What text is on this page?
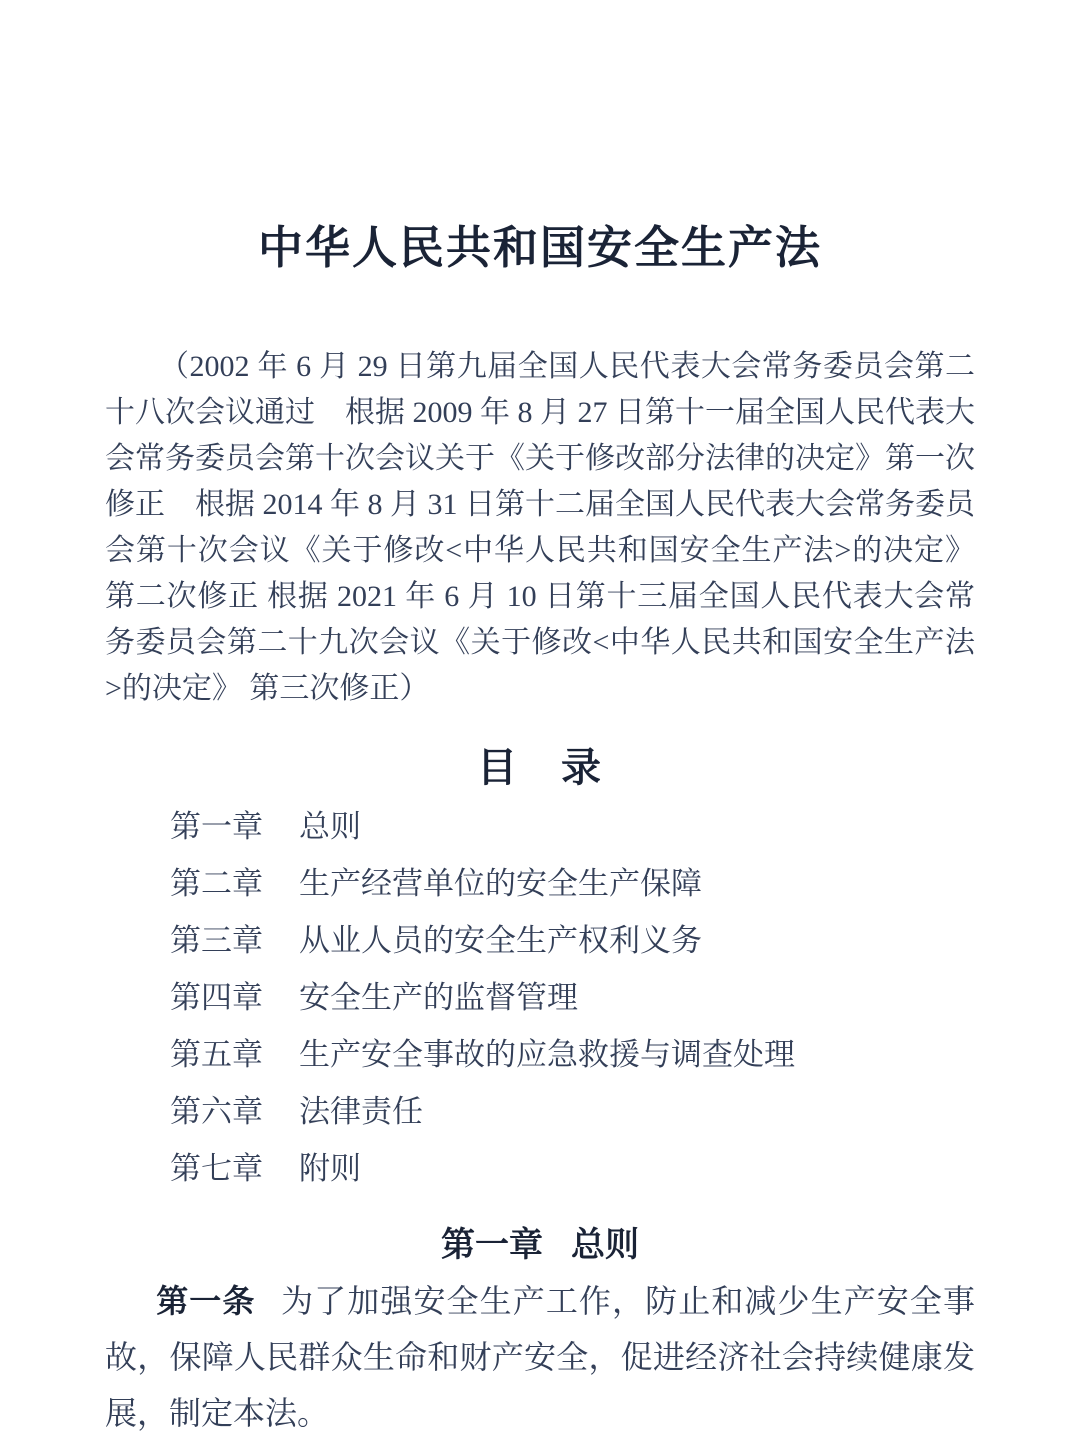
中华人民共和国安全生产法

（2002 年 6 月 29 日第九届全国人民代表大会常务委员会第二十八次会议通过　根据 2009 年 8 月 27 日第十一届全国人民代表大会常务委员会第十次会议关于《关于修改部分法律的决定》第一次修正　根据 2014 年 8 月 31 日第十二届全国人民代表大会常务委员会第十次会议《关于修改<中华人民共和国安全生产法>的决定》第二次修正 根据 2021 年 6 月 10 日第十三届全国人民代表大会常务委员会第二十九次会议《关于修改<中华人民共和国安全生产法>的决定》 第三次修正）

目　录
第一章 总则
第二章 生产经营单位的安全生产保障
第三章 从业人员的安全生产权利义务
第四章 安全生产的监督管理
第五章 生产安全事故的应急救援与调查处理
第六章 法律责任
第七章 附则
第一章 总则

第一条 为了加强安全生产工作，防止和减少生产安全事故，保障人民群众生命和财产安全，促进经济社会持续健康发展，制定本法。
